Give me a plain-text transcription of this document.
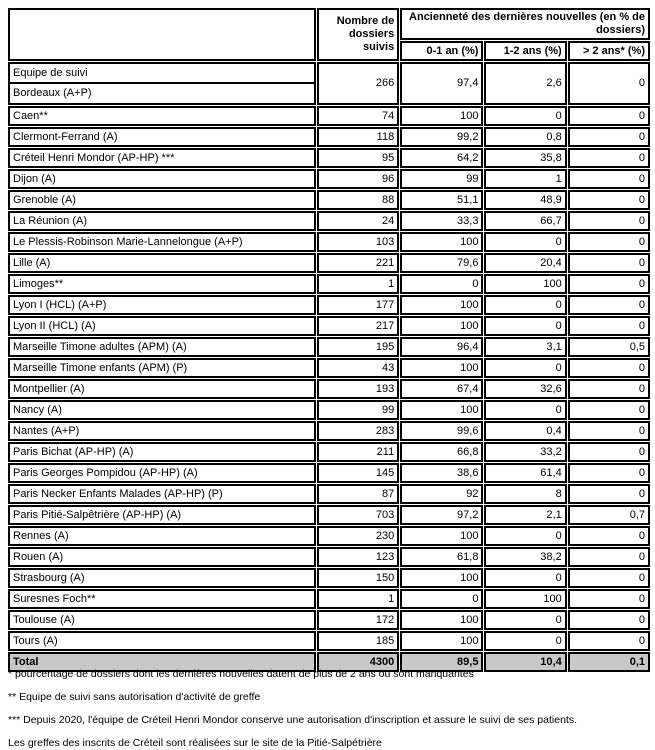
	Nombre de dossiers suivis	Ancienneté des dernières nouvelles (en % de dossiers)		
		0-1 an (%)	1-2 ans (%)	> 2 ans* (%)

Equipe de suivi
Bordeaux (A+P)	266	97,4	2,6	0
Caen**	74	100	0	0
Clermont-Ferrand (A)	118	99,2	0,8	0
Créteil Henri Mondor (AP-HP) ***	95	64,2	35,8	0
Dijon (A)	96	99	1	0
Grenoble (A)	88	51,1	48,9	0
La Réunion (A)	24	33,3	66,7	0
Le Plessis-Robinson Marie-Lannelongue (A+P)	103	100	0	0
Lille (A)	221	79,6	20,4	0
Limoges**	1	0	100	0
Lyon I (HCL) (A+P)	177	100	0	0
Lyon II (HCL) (A)	217	100	0	0
Marseille Timone adultes (APM) (A)	195	96,4	3,1	0,5
Marseille Timone enfants (APM) (P)	43	100	0	0
Montpellier (A)	193	67,4	32,6	0
Nancy (A)	99	100	0	0
Nantes (A+P)	283	99,6	0,4	0
Paris Bichat (AP-HP) (A)	211	66,8	33,2	0
Paris Georges Pompidou (AP-HP) (A)	145	38,6	61,4	0
Paris Necker Enfants Malades (AP-HP) (P)	87	92	8	0
Paris Pitié-Salpêtrière (AP-HP) (A)	703	97,2	2,1	0,7
Rennes (A)	230	100	0	0
Rouen (A)	123	61,8	38,2	0
Strasbourg (A)	150	100	0	0
Suresnes Foch**	1	0	100	0
Toulouse (A)	172	100	0	0
Tours (A)	185	100	0	0
Total	4300	89,5	10,4	0,1

* pourcentage de dossiers dont les dernières nouvelles datent de plus de 2 ans ou sont manquantes

** Equipe de suivi sans autorisation d'activité de greffe

*** Depuis 2020, l'équipe de Créteil Henri Mondor conserve une autorisation d'inscription et assure le suivi de ses patients.

Les greffes des inscrits de Créteil sont réalisées sur le site de la Pitié-Salpétrière
